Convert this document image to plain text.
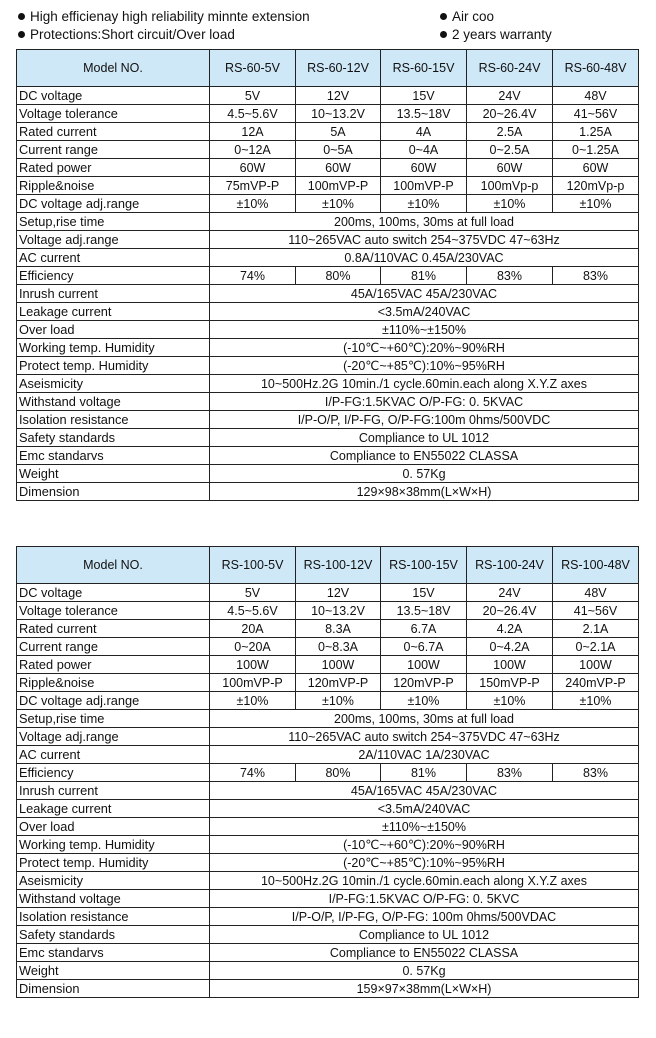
High efficienay high reliability minnte extension	Air coo
Protections:Short circuit/Over load	2 years warranty
Model NO.	RS-60-5V	RS-60-12V	RS-60-15V	RS-60-24V	RS-60-48V
DC voltage	5V	12V	15V	24V	48V
Voltage tolerance	4.5~5.6V	10~13.2V	13.5~18V	20~26.4V	41~56V
Rated current	12A	5A	4A	2.5A	1.25A
Current range	0~12A	0~5A	0~4A	0~2.5A	0~1.25A
Rated power	60W	60W	60W	60W	60W
Ripple&noise	75mVP-P	100mVP-P	100mVP-P	100mVp-p	120mVp-p
DC voltage adj.range	±10%	±10%	±10%	±10%	±10%
Setup,rise time	200ms, 100ms, 30ms at full load				
Voltage adj.range	110~265VAC auto switch 254~375VDC 47~63Hz				
AC current	0.8A/110VAC 0.45A/230VAC				
Efficiency	74%	80%	81%	83%	83%
Inrush current	45A/165VAC 45A/230VAC				
Leakage current	<3.5mA/240VAC				
Over load	±110%~±150%				
Working temp. Humidity	(-10℃~+60℃):20%~90%RH				
Protect temp. Humidity	(-20℃~+85℃):10%~95%RH				
Aseismicity	10~500Hz.2G 10min./1 cycle.60min.each along X.Y.Z axes				
Withstand voltage	I/P-FG:1.5KVAC O/P-FG: 0. 5KVAC				
Isolation resistance	I/P-O/P, I/P-FG, O/P-FG:100m 0hms/500VDC				
Safety standards	Compliance to UL 1012				
Emc standarvs	Compliance to EN55022 CLASSA				
Weight	0. 57Kg				
Dimension	129×98×38mm(L×W×H)				
Model NO.	RS-100-5V	RS-100-12V	RS-100-15V	RS-100-24V	RS-100-48V
DC voltage	5V	12V	15V	24V	48V
Voltage tolerance	4.5~5.6V	10~13.2V	13.5~18V	20~26.4V	41~56V
Rated current	20A	8.3A	6.7A	4.2A	2.1A
Current range	0~20A	0~8.3A	0~6.7A	0~4.2A	0~2.1A
Rated power	100W	100W	100W	100W	100W
Ripple&noise	100mVP-P	120mVP-P	120mVP-P	150mVP-P	240mVP-P
DC voltage adj.range	±10%	±10%	±10%	±10%	±10%
Setup,rise time	200ms, 100ms, 30ms at full load				
Voltage adj.range	110~265VAC auto switch 254~375VDC 47~63Hz				
AC current	2A/110VAC 1A/230VAC				
Efficiency	74%	80%	81%	83%	83%
Inrush current	45A/165VAC 45A/230VAC				
Leakage current	<3.5mA/240VAC				
Over load	±110%~±150%				
Working temp. Humidity	(-10℃~+60℃):20%~90%RH				
Protect temp. Humidity	(-20℃~+85℃):10%~95%RH				
Aseismicity	10~500Hz.2G 10min./1 cycle.60min.each along X.Y.Z axes				
Withstand voltage	I/P-FG:1.5KVAC O/P-FG: 0. 5KVC				
Isolation resistance	I/P-O/P, I/P-FG, O/P-FG: 100m 0hms/500VDAC				
Safety standards	Compliance to UL 1012				
Emc standarvs	Compliance to EN55022 CLASSA				
Weight	0. 57Kg				
Dimension	159×97×38mm(L×W×H)				
